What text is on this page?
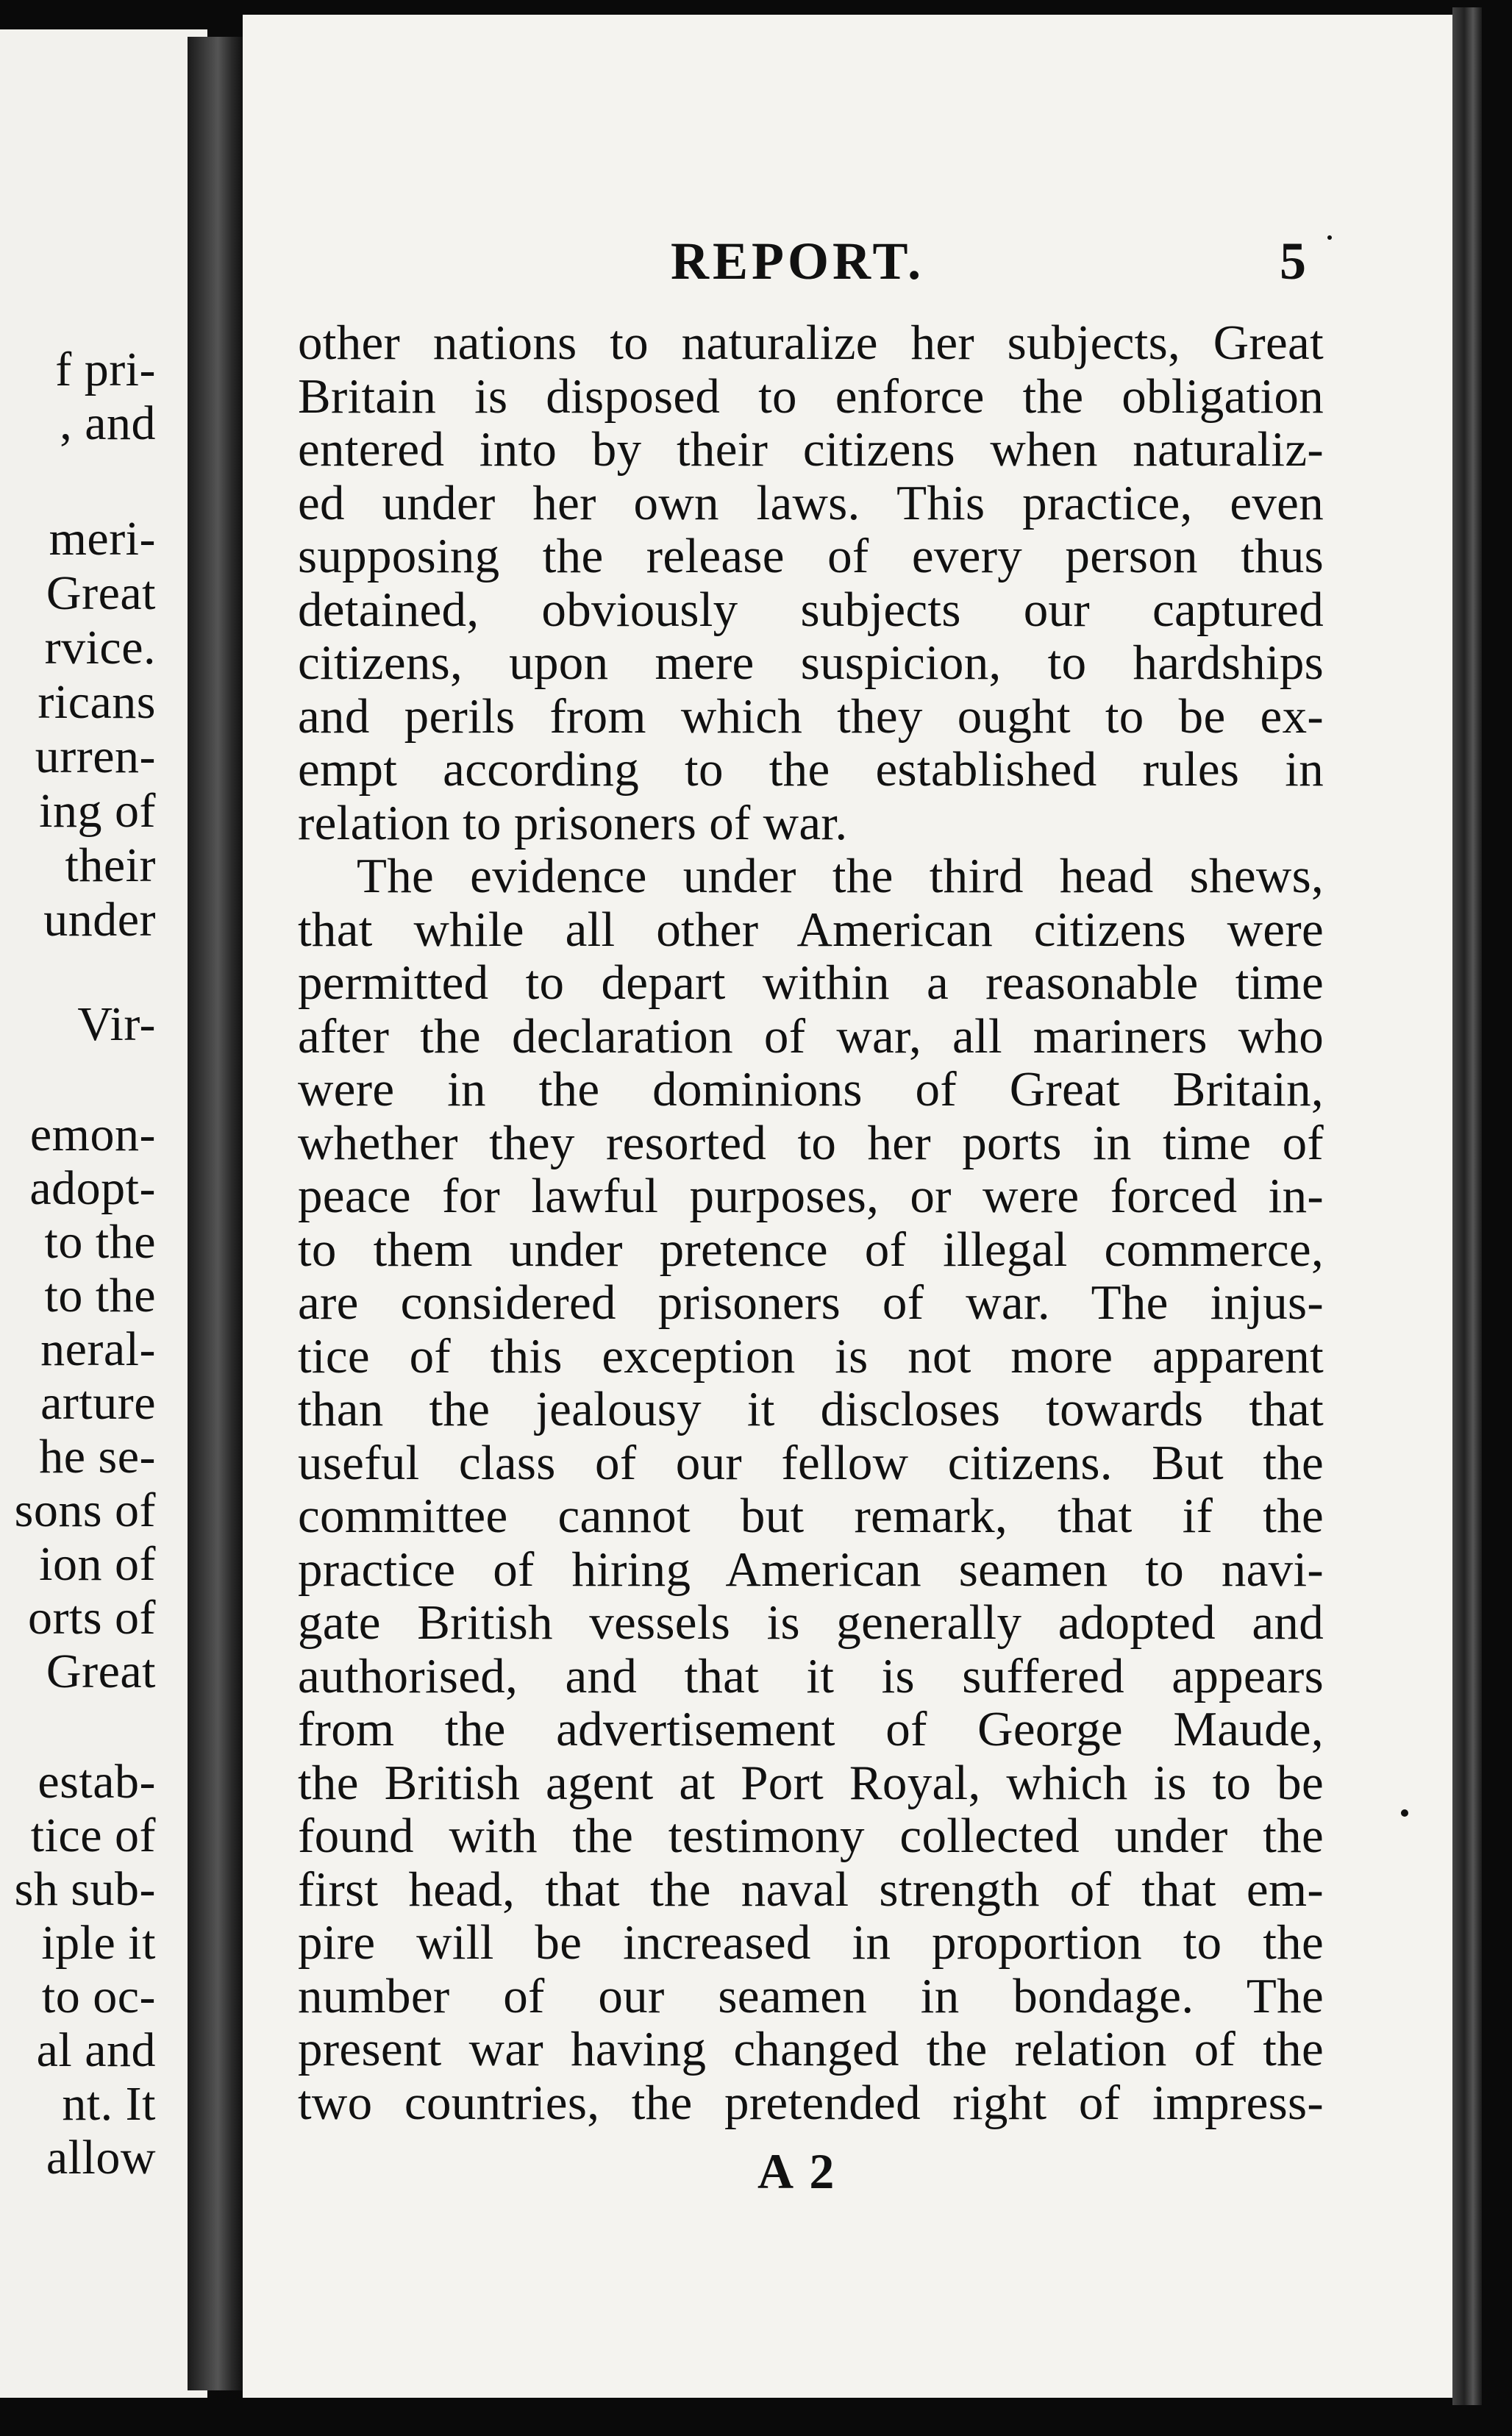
f pri-
, and
meri-
Great
rvice.
ricans
urren-
ing of
their
under
Vir-
emon-
adopt-
to the
to the
neral-
arture
he se-
sons of
ion of
orts of
Great
estab-
tice of
sh sub-
iple it
to oc-
al and
nt. It
allow
REPORT.	5
other nations to naturalize her subjects, Great
Britain is disposed to enforce the obligation
entered into by their citizens when naturaliz-
ed under her own laws. This practice, even
supposing the release of every person thus
detained, obviously subjects our captured
citizens, upon mere suspicion, to hardships
and perils from which they ought to be ex-
empt according to the established rules in
relation to prisoners of war.
The evidence under the third head shews,
that while all other American citizens were
permitted to depart within a reasonable time
after the declaration of war, all mariners who
were in the dominions of Great Britain,
whether they resorted to her ports in time of
peace for lawful purposes, or were forced in-
to them under pretence of illegal commerce,
are considered prisoners of war. The injus-
tice of this exception is not more apparent
than the jealousy it discloses towards that
useful class of our fellow citizens. But the
committee cannot but remark, that if the
practice of hiring American seamen to navi-
gate British vessels is generally adopted and
authorised, and that it is suffered appears
from the advertisement of George Maude,
the British agent at Port Royal, which is to be
found with the testimony collected under the
first head, that the naval strength of that em-
pire will be increased in proportion to the
number of our seamen in bondage. The
present war having changed the relation of the
two countries, the pretended right of impress-
A 2
